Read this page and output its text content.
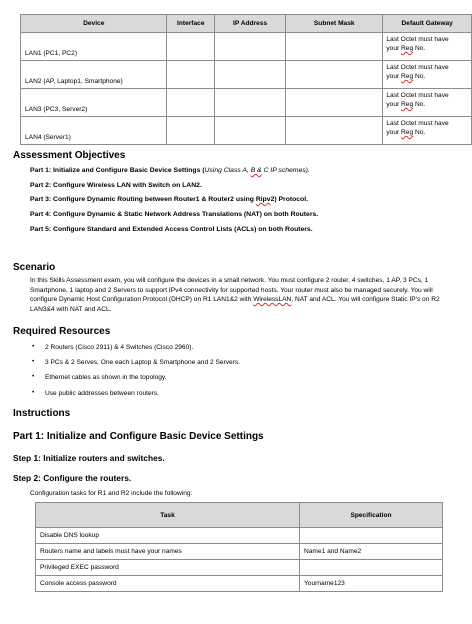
Device	Interface	IP Address	Subnet Mask	Default Gateway
LAN1 (PC1, PC2)				Last Octet must have
your Reg No.
LAN2 (AP, Laptop1, Smartphone)				Last Octet must have
your Reg No.
LAN3 (PC3, Server2)				Last Octet must have
your Reg No.
LAN4 (Server1)				Last Octet must have
your Reg No.
Assessment Objectives
Part 1: Initialize and Configure Basic Device Settings (Using Class A, B & C IP schemes).
Part 2: Configure Wireless LAN with Switch on LAN2.
Part 3: Configure Dynamic Routing between Router1 & Router2 using Ripv2) Protocol.
Part 4: Configure Dynamic & Static Network Address Translations (NAT) on both Routers.
Part 5: Configure Standard and Extended Access Control Lists (ACLs) on both Routers.
Scenario
In this Skills Assessment exam, you will configure the devices in a small network. You must configure 2 router, 4 switches, 1 AP, 3 PCs, 1 Smartphone, 1 laptop and 2 Servers to support IPv4 connectivity for supported hosts. Your router must also be managed securely. You will configure Dynamic Host Configuration Protocol (DHCP) on R1 LAN1&2 with WirelessLAN, NAT and ACL. You will configure Static IP's on R2 LAN3&4 with NAT and ACL.
Required Resources
• 2 Routers (Cisco 2911) & 4 Switches (Cisco 2960).
• 3 PCs & 2 Serves, One each Laptop & Smartphone and 2 Servers.
• Ethernet cables as shown in the topology.
• Use public addresses between routers.
Instructions
Part 1: Initialize and Configure Basic Device Settings
Step 1: Initialize routers and switches.
Step 2: Configure the routers.
Configuration tasks for R1 and R2 include the following:
Task	Specification
Disable DNS lookup	
Routers name and labels must have your names	Name1 and Name2
Privileged EXEC password	
Console access password	Yourname123
